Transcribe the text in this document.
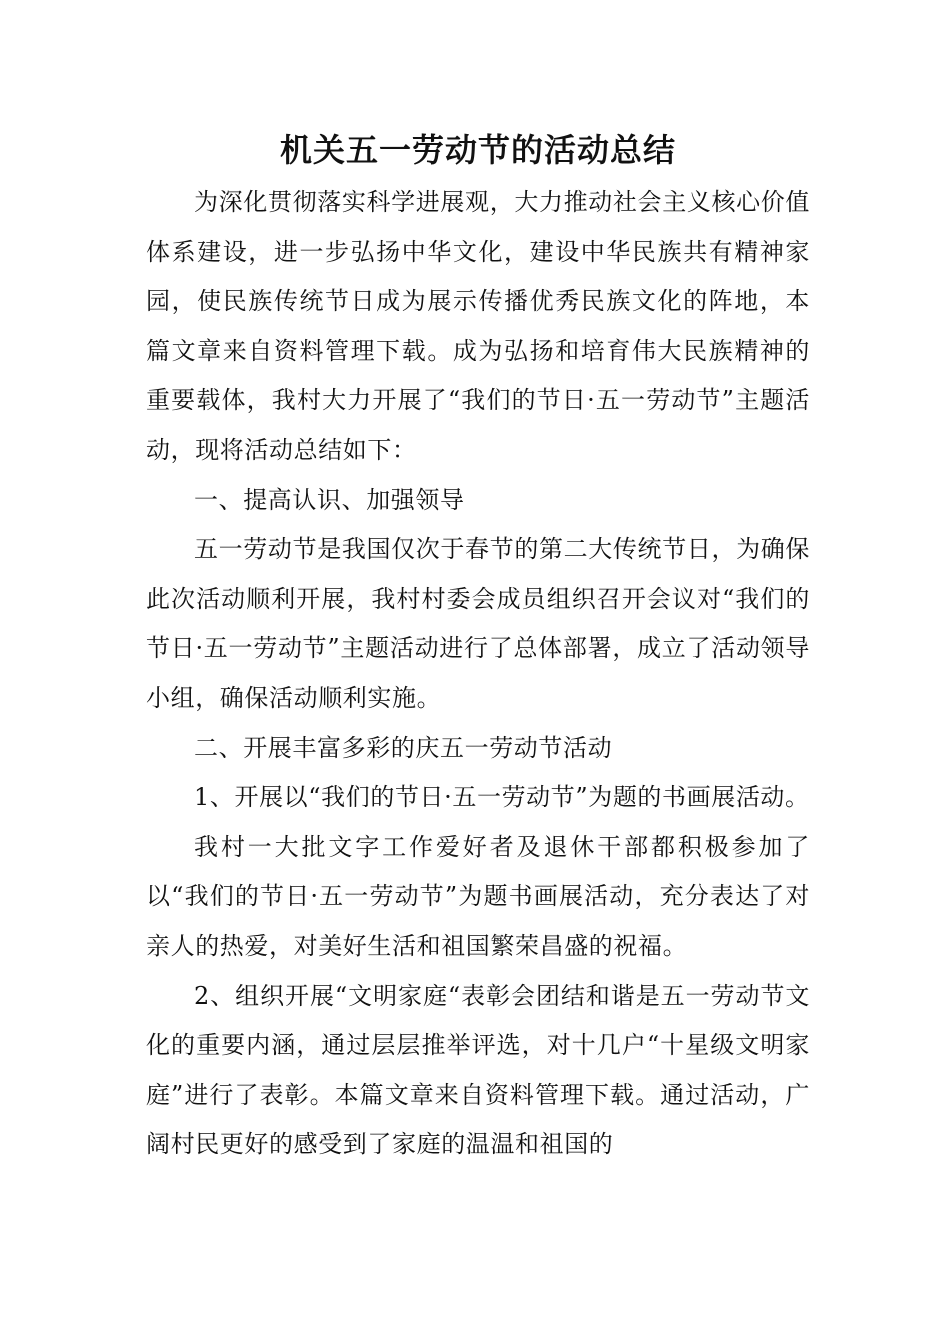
机关五一劳动节的活动总结

为深化贯彻落实科学进展观，大力推动社会主义核心价值体系建设，进一步弘扬中华文化，建设中华民族共有精神家园，使民族传统节日成为展示传播优秀民族文化的阵地，本篇文章来自资料管理下载。成为弘扬和培育伟大民族精神的重要载体，我村大力开展了“我们的节日·五一劳动节”主题活动，现将活动总结如下：

一、提高认识、加强领导

五一劳动节是我国仅次于春节的第二大传统节日，为确保此次活动顺利开展，我村村委会成员组织召开会议对“我们的节日·五一劳动节”主题活动进行了总体部署，成立了活动领导小组，确保活动顺利实施。

二、开展丰富多彩的庆五一劳动节活动

1、开展以“我们的节日·五一劳动节”为题的书画展活动。

我村一大批文字工作爱好者及退休干部都积极参加了以“我们的节日·五一劳动节”为题书画展活动，充分表达了对亲人的热爱，对美好生活和祖国繁荣昌盛的祝福。

2、组织开展“文明家庭“表彰会团结和谐是五一劳动节文化的重要内涵，通过层层推举评选，对十几户“十星级文明家庭”进行了表彰。本篇文章来自资料管理下载。通过活动，广阔村民更好的感受到了家庭的温温和祖国的
